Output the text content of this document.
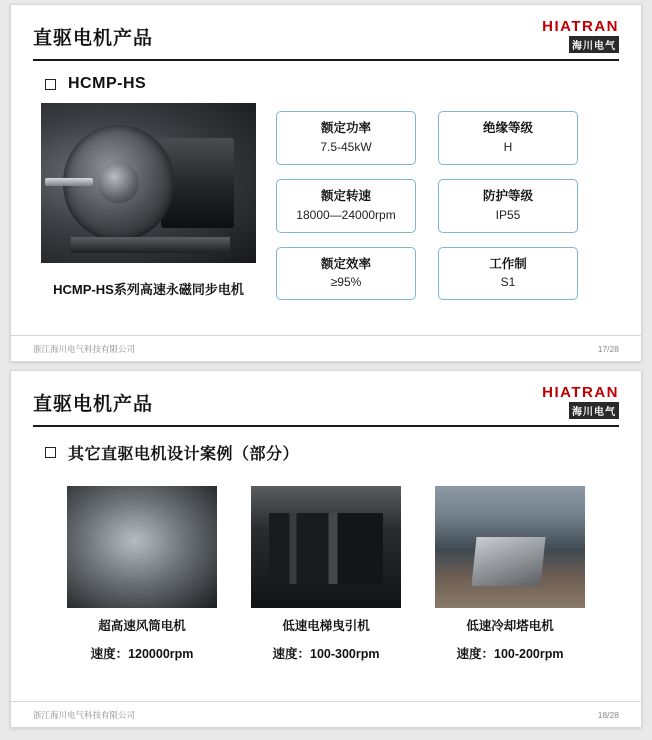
直驱电机产品
HIATRAN
海川电气
HCMP-HS
HCMP-HS系列高速永磁同步电机
额定功率
7.5-45kW
绝缘等级
H
额定转速
18000—24000rpm
防护等级
IP55
额定效率
≥95%
工作制
S1
浙江海川电气科技有限公司	17/28
直驱电机产品
HIATRAN
海川电气
其它直驱电机设计案例（部分）
超高速风筒电机
速度：120000rpm
低速电梯曳引机
速度：100-300rpm
低速冷却塔电机
速度：100-200rpm
浙江海川电气科技有限公司	18/28
